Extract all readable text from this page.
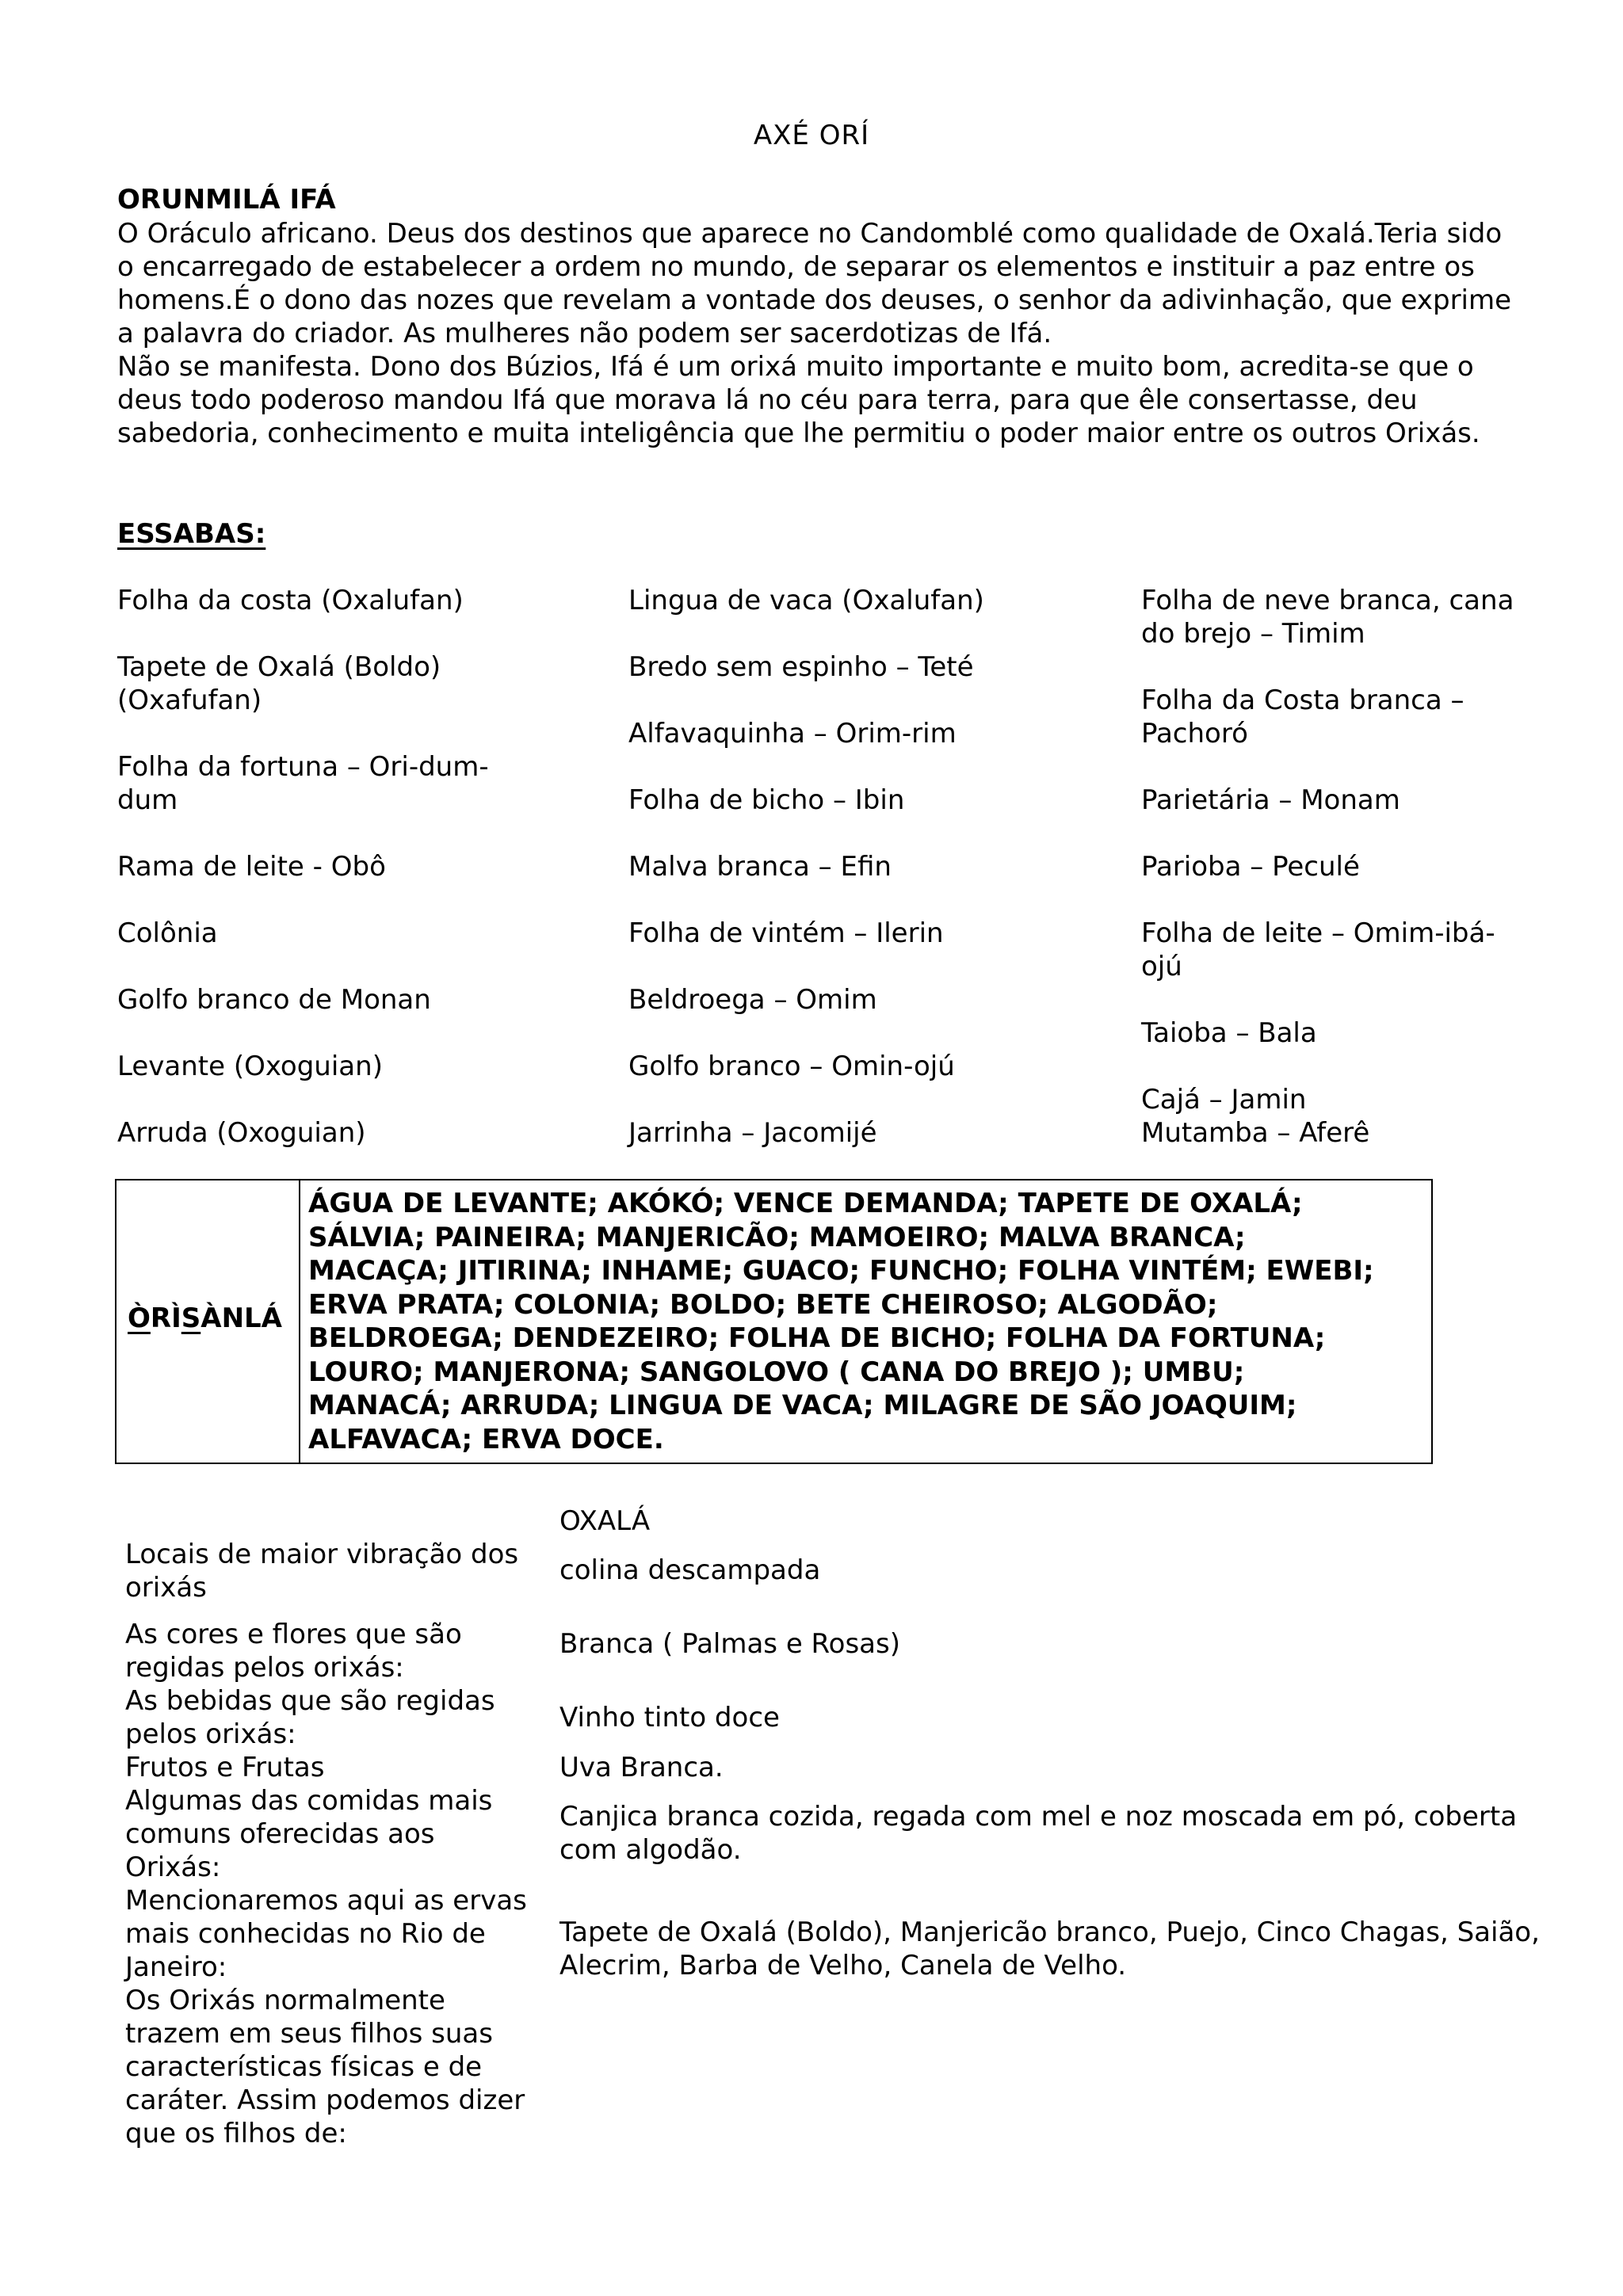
AXÉ ORÍ
ORUNMILÁ IFÁ
O Oráculo africano. Deus dos destinos que aparece no Candomblé como qualidade de Oxalá.Teria sido
o encarregado de estabelecer a ordem no mundo, de separar os elementos e instituir a paz entre os
homens.É o dono das nozes que revelam a vontade dos deuses, o senhor da adivinhação, que exprime
a palavra do criador. As mulheres não podem ser sacerdotizas de Ifá.
Não se manifesta. Dono dos Búzios, Ifá é um orixá muito importante e muito bom, acredita-se que o
deus todo poderoso mandou Ifá que morava lá no céu para terra, para que êle consertasse, deu
sabedoria, conhecimento e muita inteligência que lhe permitiu o poder maior entre os outros Orixás.
ESSABAS:
Folha da costa (Oxalufan)
Tapete de Oxalá (Boldo)
(Oxafufan)
Folha da fortuna – Ori-dum-
dum
Rama de leite - Obô
Colônia
Golfo branco de Monan
Levante (Oxoguian)
Arruda (Oxoguian)
Lingua de vaca (Oxalufan)
Bredo sem espinho – Teté
Alfavaquinha – Orim-rim
Folha de bicho – Ibin
Malva branca – Efin
Folha de vintém – Ilerin
Beldroega – Omim
Golfo branco – Omin-ojú
Jarrinha – Jacomijé
Folha de neve branca, cana
do brejo – Timim
Folha da Costa branca –
Pachoró
Parietária – Monam
Parioba – Peculé
Folha de leite – Omim-ibá-
ojú
Taioba – Bala
Cajá – Jamin
Mutamba – Aferê
ÒRÌSÀNLÁ
ÁGUA DE LEVANTE; AKÓKÓ; VENCE DEMANDA; TAPETE DE OXALÁ;
SÁLVIA; PAINEIRA; MANJERICÃO; MAMOEIRO; MALVA BRANCA;
MACAÇA; JITIRINA; INHAME; GUACO; FUNCHO; FOLHA VINTÉM; EWEBI;
ERVA PRATA; COLONIA; BOLDO; BETE CHEIROSO; ALGODÃO;
BELDROEGA; DENDEZEIRO; FOLHA DE BICHO; FOLHA DA FORTUNA;
LOURO; MANJERONA; SANGOLOVO ( CANA DO BREJO ); UMBU;
MANACÁ; ARRUDA; LINGUA DE VACA; MILAGRE DE SÃO JOAQUIM;
ALFAVACA; ERVA DOCE.
OXALÁ
Locais de maior vibração dos
orixás
colina descampada
As cores e flores que são
regidas pelos orixás:
Branca ( Palmas e Rosas)
As bebidas que são regidas
pelos orixás:
Vinho tinto doce
Frutos e Frutas	Uva Branca.
Algumas das comidas mais
comuns oferecidas aos
Orixás:
Canjica branca cozida, regada com mel e noz moscada em pó, coberta
com algodão.
Mencionaremos aqui as ervas
mais conhecidas no Rio de
Janeiro:
Tapete de Oxalá (Boldo), Manjericão branco, Puejo, Cinco Chagas, Saião,
Alecrim, Barba de Velho, Canela de Velho.
Os Orixás normalmente
trazem em seus filhos suas
características físicas e de
caráter. Assim podemos dizer
que os filhos de:
